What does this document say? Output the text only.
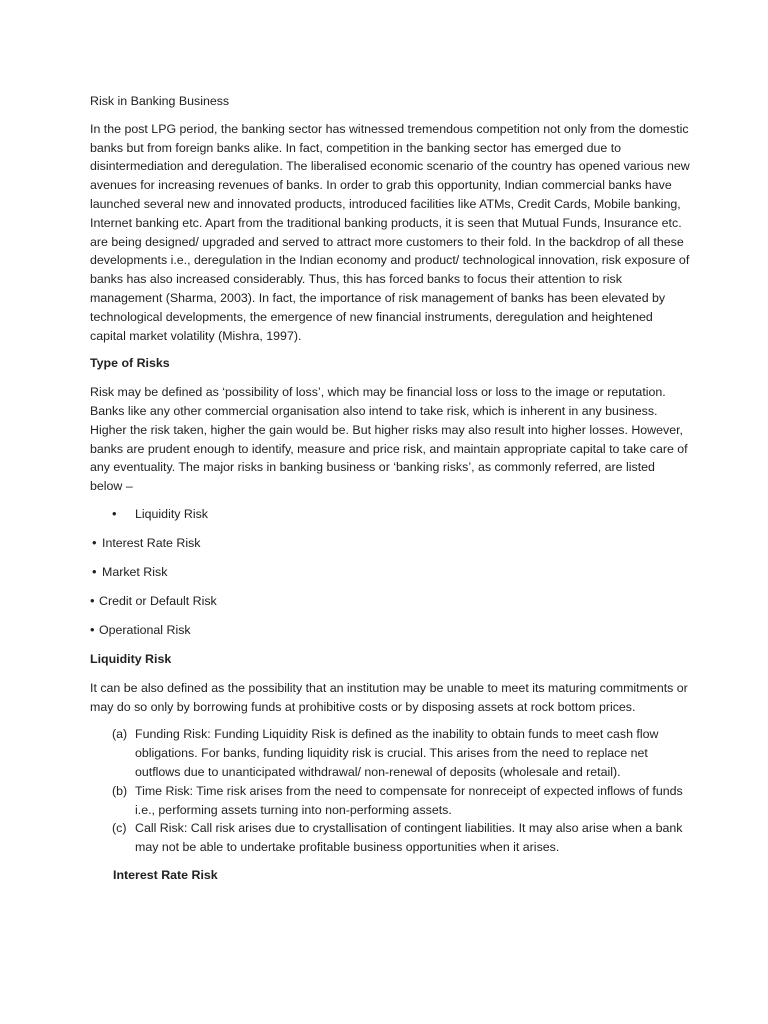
Risk in Banking Business

In the post LPG period, the banking sector has witnessed tremendous competition not only from the domestic banks but from foreign banks alike. In fact, competition in the banking sector has emerged due to disintermediation and deregulation. The liberalised economic scenario of the country has opened various new avenues for increasing revenues of banks. In order to grab this opportunity, Indian commercial banks have launched several new and innovated products, introduced facilities like ATMs, Credit Cards, Mobile banking, Internet banking etc. Apart from the traditional banking products, it is seen that Mutual Funds, Insurance etc. are being designed/ upgraded and served to attract more customers to their fold. In the backdrop of all these developments i.e., deregulation in the Indian economy and product/ technological innovation, risk exposure of banks has also increased considerably. Thus, this has forced banks to focus their attention to risk management (Sharma, 2003). In fact, the importance of risk management of banks has been elevated by technological developments, the emergence of new financial instruments, deregulation and heightened capital market volatility (Mishra, 1997).

Type of Risks

Risk may be defined as ‘possibility of loss’, which may be financial loss or loss to the image or reputation. Banks like any other commercial organisation also intend to take risk, which is inherent in any business. Higher the risk taken, higher the gain would be. But higher risks may also result into higher losses. However, banks are prudent enough to identify, measure and price risk, and maintain appropriate capital to take care of any eventuality. The major risks in banking business or ‘banking risks’, as commonly referred, are listed below –

• Liquidity Risk
• Interest Rate Risk
• Market Risk
• Credit or Default Risk
• Operational Risk

Liquidity Risk

It can be also defined as the possibility that an institution may be unable to meet its maturing commitments or may do so only by borrowing funds at prohibitive costs or by disposing assets at rock bottom prices.

(a) Funding Risk: Funding Liquidity Risk is defined as the inability to obtain funds to meet cash flow obligations. For banks, funding liquidity risk is crucial. This arises from the need to replace net outflows due to unanticipated withdrawal/ non-renewal of deposits (wholesale and retail).
(b) Time Risk: Time risk arises from the need to compensate for nonreceipt of expected inflows of funds i.e., performing assets turning into non-performing assets.
(c) Call Risk: Call risk arises due to crystallisation of contingent liabilities. It may also arise when a bank may not be able to undertake profitable business opportunities when it arises.

Interest Rate Risk
